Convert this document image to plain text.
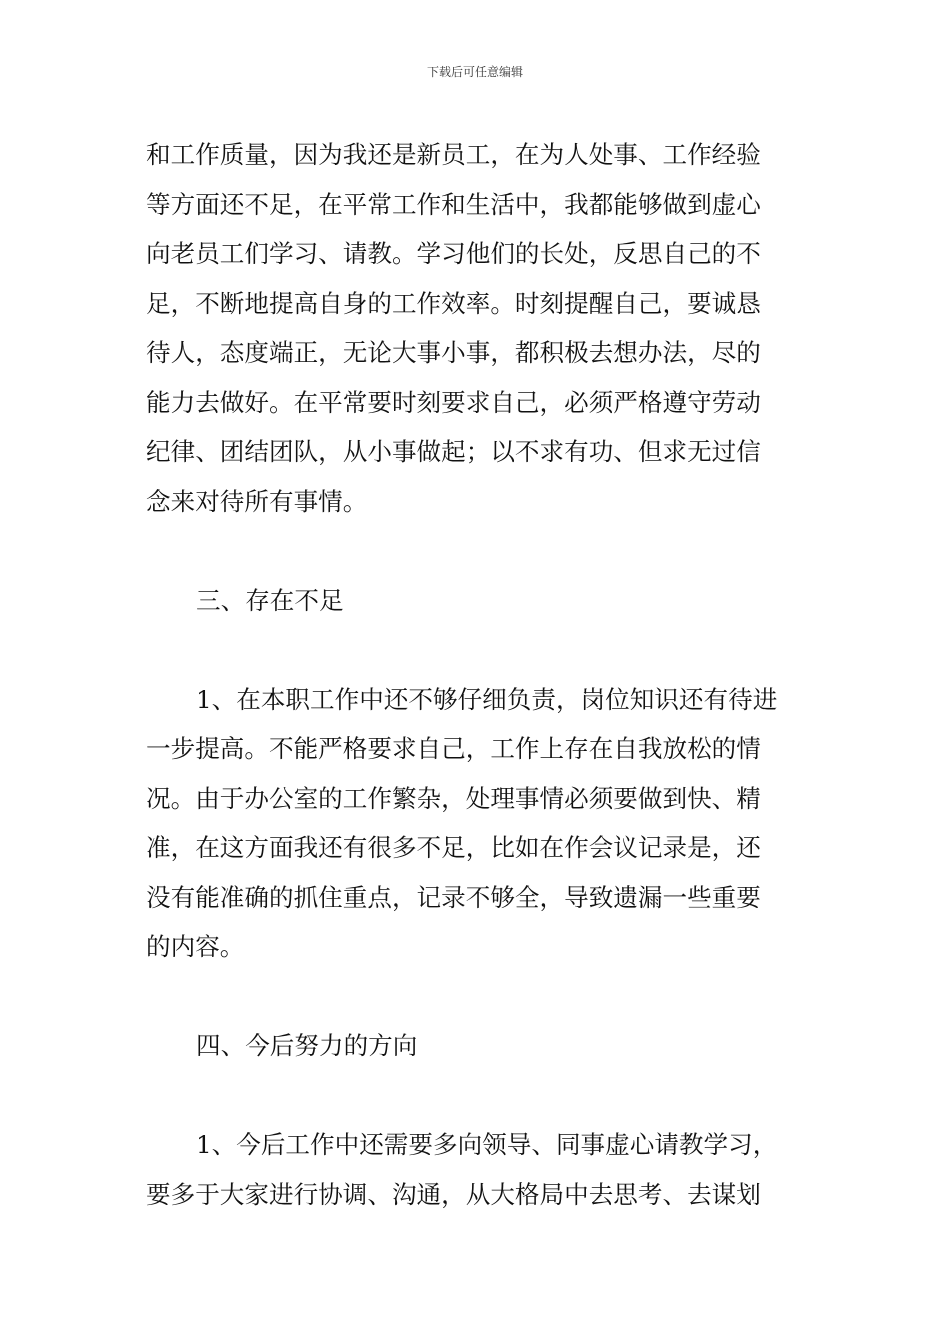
下载后可任意编辑
和工作质量，因为我还是新员工，在为人处事、工作经验
等方面还不足，在平常工作和生活中，我都能够做到虚心
向老员工们学习、请教。学习他们的长处，反思自己的不
足，不断地提高自身的工作效率。时刻提醒自己，要诚恳
待人，态度端正，无论大事小事，都积极去想办法，尽的
能力去做好。在平常要时刻要求自己，必须严格遵守劳动
纪律、团结团队，从小事做起；以不求有功、但求无过信
念来对待所有事情。
三、存在不足
1、在本职工作中还不够仔细负责，岗位知识还有待进
一步提高。不能严格要求自己，工作上存在自我放松的情
况。由于办公室的工作繁杂，处理事情必须要做到快、精
准，在这方面我还有很多不足，比如在作会议记录是，还
没有能准确的抓住重点，记录不够全，导致遗漏一些重要
的内容。
四、今后努力的方向
1、今后工作中还需要多向领导、同事虚心请教学习，
要多于大家进行协调、沟通，从大格局中去思考、去谋划
